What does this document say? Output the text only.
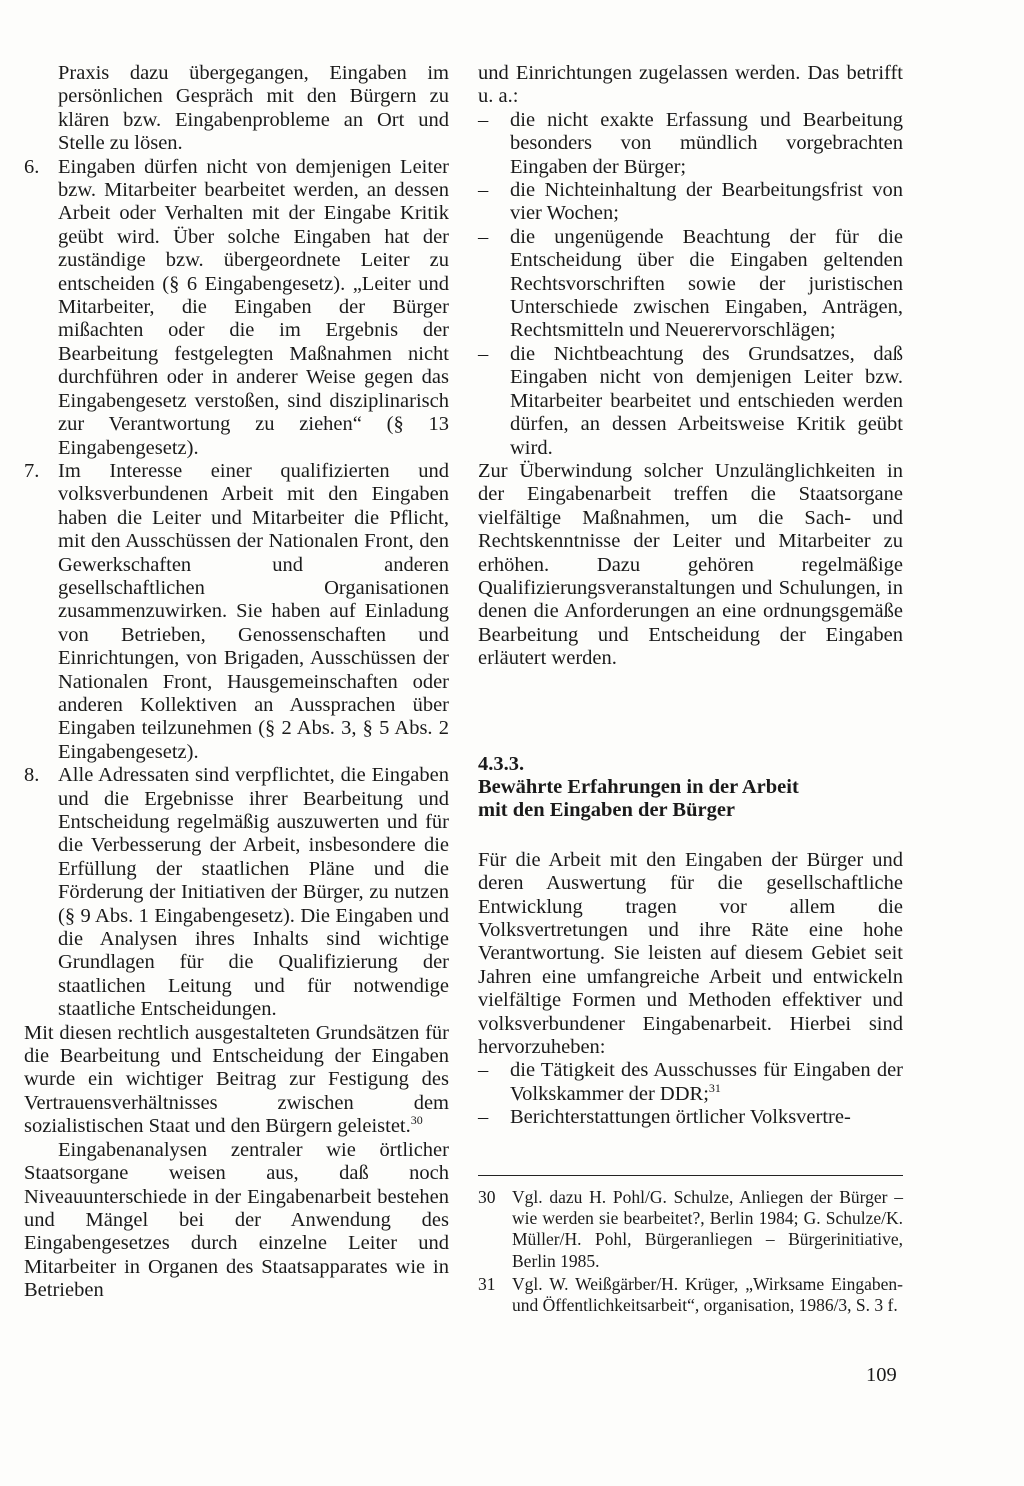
Praxis dazu übergegangen, Eingaben im persönlichen Gespräch mit den Bürgern zu klären bzw. Eingabenprobleme an Ort und Stelle zu lösen.
6. Eingaben dürfen nicht von demjenigen Leiter bzw. Mitarbeiter bearbeitet werden, an dessen Arbeit oder Verhalten mit der Eingabe Kritik geübt wird. Über solche Eingaben hat der zuständige bzw. übergeordnete Leiter zu entscheiden (§ 6 Eingabengesetz). „Leiter und Mitarbeiter, die Eingaben der Bürger mißachten oder die im Ergebnis der Bearbeitung festgelegten Maßnahmen nicht durchführen oder in anderer Weise gegen das Eingabengesetz verstoßen, sind disziplinarisch zur Verantwortung zu ziehen“ (§ 13 Eingabengesetz).
7. Im Interesse einer qualifizierten und volksverbundenen Arbeit mit den Eingaben haben die Leiter und Mitarbeiter die Pflicht, mit den Ausschüssen der Nationalen Front, den Gewerkschaften und anderen gesellschaftlichen Organisationen zusammenzuwirken. Sie haben auf Einladung von Betrieben, Genossenschaften und Einrichtungen, von Brigaden, Ausschüssen der Nationalen Front, Hausgemeinschaften oder anderen Kollektiven an Aussprachen über Eingaben teilzunehmen (§ 2 Abs. 3, § 5 Abs. 2 Eingabengesetz).
8. Alle Adressaten sind verpflichtet, die Eingaben und die Ergebnisse ihrer Bearbeitung und Entscheidung regelmäßig auszuwerten und für die Verbesserung der Arbeit, insbesondere die Erfüllung der staatlichen Pläne und die Förderung der Initiativen der Bürger, zu nutzen (§ 9 Abs. 1 Eingabengesetz). Die Eingaben und die Analysen ihres Inhalts sind wichtige Grundlagen für die Qualifizierung der staatlichen Leitung und für notwendige staatliche Entscheidungen.

Mit diesen rechtlich ausgestalteten Grundsätzen für die Bearbeitung und Entscheidung der Eingaben wurde ein wichtiger Beitrag zur Festigung des Vertrauensverhältnisses zwischen dem sozialistischen Staat und den Bürgern geleistet.$^{30}$

Eingabenanalysen zentraler wie örtlicher Staatsorgane weisen aus, daß noch Niveauunterschiede in der Eingabenarbeit bestehen und Mängel bei der Anwendung des Eingabengesetzes durch einzelne Leiter und Mitarbeiter in Organen des Staatsapparates wie in Betrieben

und Einrichtungen zugelassen werden. Das betrifft u. a.:

– die nicht exakte Erfassung und Bearbeitung besonders von mündlich vorgebrachten Eingaben der Bürger;
– die Nichteinhaltung der Bearbeitungsfrist von vier Wochen;
– die ungenügende Beachtung der für die Entscheidung über die Eingaben geltenden Rechtsvorschriften sowie der juristischen Unterschiede zwischen Eingaben, Anträgen, Rechtsmitteln und Neuerervorschlägen;
– die Nichtbeachtung des Grundsatzes, daß Eingaben nicht von demjenigen Leiter bzw. Mitarbeiter bearbeitet und entschieden werden dürfen, an dessen Arbeitsweise Kritik geübt wird.

Zur Überwindung solcher Unzulänglichkeiten in der Eingabenarbeit treffen die Staatsorgane vielfältige Maßnahmen, um die Sach- und Rechtskenntnisse der Leiter und Mitarbeiter zu erhöhen. Dazu gehören regelmäßige Qualifizierungsveranstaltungen und Schulungen, in denen die Anforderungen an eine ordnungsgemäße Bearbeitung und Entscheidung der Eingaben erläutert werden.

4.3.3.
Bewährte Erfahrungen in der Arbeit
mit den Eingaben der Bürger

Für die Arbeit mit den Eingaben der Bürger und deren Auswertung für die gesellschaftliche Entwicklung tragen vor allem die Volksvertretungen und ihre Räte eine hohe Verantwortung. Sie leisten auf diesem Gebiet seit Jahren eine umfangreiche Arbeit und entwickeln vielfältige Formen und Methoden effektiver und volksverbundener Eingabenarbeit. Hierbei sind hervorzuheben:

– die Tätigkeit des Ausschusses für Eingaben der Volkskammer der DDR;$^{31}$
– Berichterstattungen örtlicher Volksvertre-
30 Vgl. dazu H. Pohl/G. Schulze, Anliegen der Bürger – wie werden sie bearbeitet?, Berlin 1984; G. Schulze/K. Müller/H. Pohl, Bürgeranliegen – Bürgerinitiative, Berlin 1985.
31 Vgl. W. Weißgärber/H. Krüger, „Wirksame Eingaben- und Öffentlichkeitsarbeit“, organisation, 1986/3, S. 3 f.
109
